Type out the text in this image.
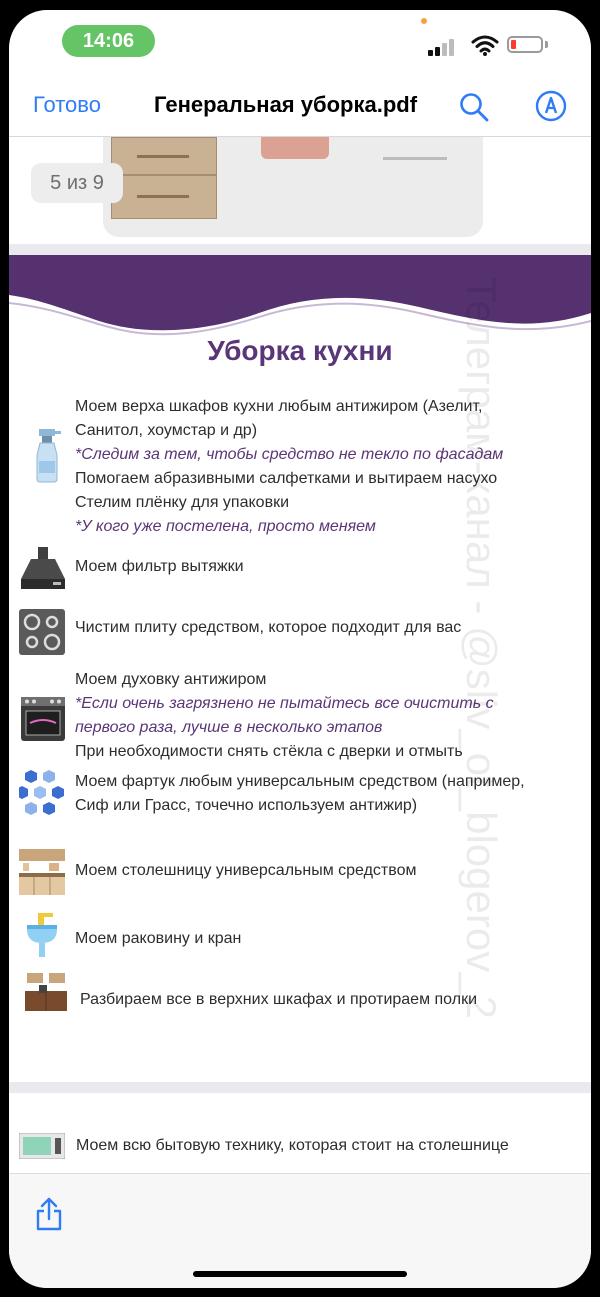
14:06
Готово Генеральная уборка.pdf
5 из 9
Уборка кухни
Моем верха шкафов кухни любым антижиром (Азелит,
Санитол, хоумстар и др)
*Следим за тем, чтобы средство не текло по фасадам
Помогаем абразивными салфетками и вытираем насухо
Стелим плёнку для упаковки
*У кого уже постелена, просто меняем
Моем фильтр вытяжки
Чистим плиту средством, которое подходит для вас
Моем духовку антижиром
*Если очень загрязнено не пытайтесь все очистить с
первого раза, лучше в несколько этапов
При необходимости снять стёкла с дверки и отмыть
Моем фартук любым универсальным средством (например,
Сиф или Грасс, точечно используем антижир)
Моем столешницу универсальным средством
Моем раковину и кран
Разбираем все в верхних шкафах и протираем полки
Моем всю бытовую технику, которая стоит на столешнице
